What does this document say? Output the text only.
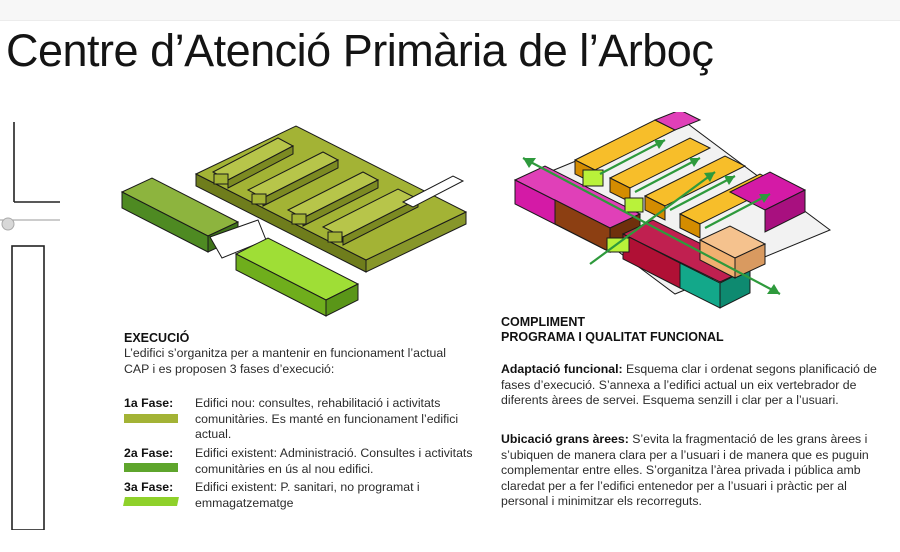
Centre d’Atenció Primària de l’Arboç
EXECUCIÓ
L’edifici s’organitza per a mantenir en funcionament l’actual CAP i es proposen 3 fases d’execució:
1a Fase: Edifici nou: consultes, rehabilitació i activitats comunitàries. Es manté en funcionament l’edifici actual.
2a Fase: Edifici existent: Administració. Consultes i activitats comunitàries en ús al nou edifici.
3a Fase: Edifici existent: P. sanitari, no programat i emmagatzematge
COMPLIMENT
PROGRAMA I QUALITAT FUNCIONAL

Adaptació funcional: Esquema clar i ordenat segons planificació de fases d’execució. S’annexa a l’edifici actual un eix vertebrador de diferents àrees de servei. Esquema senzill i clar per a l’usuari.

Ubicació grans àrees: S’evita la fragmentació de les grans àrees i s’ubiquen de manera clara per a l’usuari i de manera que es puguin complementar entre elles. S’organitza l’àrea privada i pública amb claredat per a fer l’edifici entenedor per a l’usuari i pràctic per al personal i minimitzar els recorreguts.
